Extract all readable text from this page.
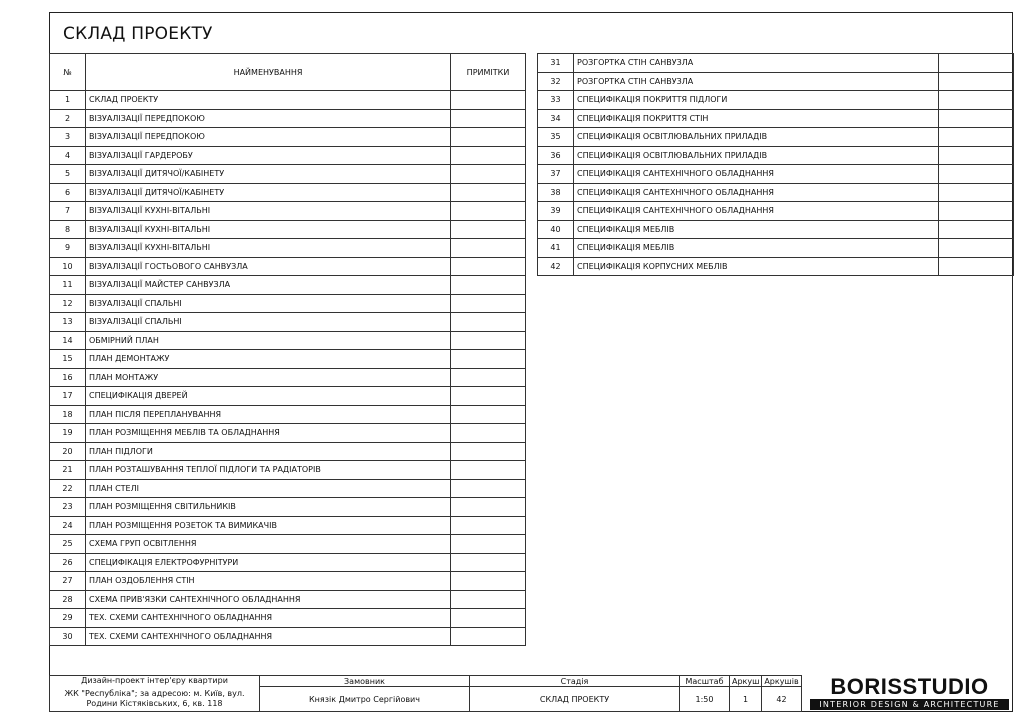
СКЛАД ПРОЕКТУ
№	НАЙМЕНУВАННЯ	ПРИМІТКИ
1	СКЛАД ПРОЕКТУ	
2	ВІЗУАЛІЗАЦІЇ ПЕРЕДПОКОЮ	
3	ВІЗУАЛІЗАЦІЇ ПЕРЕДПОКОЮ	
4	ВІЗУАЛІЗАЦІЇ ГАРДЕРОБУ	
5	ВІЗУАЛІЗАЦІЇ ДИТЯЧОЇ/КАБІНЕТУ	
6	ВІЗУАЛІЗАЦІЇ ДИТЯЧОЇ/КАБІНЕТУ	
7	ВІЗУАЛІЗАЦІЇ КУХНІ-ВІТАЛЬНІ	
8	ВІЗУАЛІЗАЦІЇ КУХНІ-ВІТАЛЬНІ	
9	ВІЗУАЛІЗАЦІЇ КУХНІ-ВІТАЛЬНІ	
10	ВІЗУАЛІЗАЦІЇ ГОСТЬОВОГО САНВУЗЛА	
11	ВІЗУАЛІЗАЦІЇ МАЙСТЕР САНВУЗЛА	
12	ВІЗУАЛІЗАЦІЇ СПАЛЬНІ	
13	ВІЗУАЛІЗАЦІЇ СПАЛЬНІ	
14	ОБМІРНИЙ ПЛАН	
15	ПЛАН ДЕМОНТАЖУ	
16	ПЛАН МОНТАЖУ	
17	СПЕЦИФІКАЦІЯ ДВЕРЕЙ	
18	ПЛАН ПІСЛЯ ПЕРЕПЛАНУВАННЯ	
19	ПЛАН РОЗМІЩЕННЯ МЕБЛІВ ТА ОБЛАДНАННЯ	
20	ПЛАН ПІДЛОГИ	
21	ПЛАН РОЗТАШУВАННЯ ТЕПЛОЇ ПІДЛОГИ ТА РАДІАТОРІВ	
22	ПЛАН СТЕЛІ	
23	ПЛАН РОЗМІЩЕННЯ СВІТИЛЬНИКІВ	
24	ПЛАН РОЗМІЩЕННЯ РОЗЕТОК ТА ВИМИКАЧІВ	
25	СХЕМА ГРУП ОСВІТЛЕННЯ	
26	СПЕЦИФІКАЦІЯ ЕЛЕКТРОФУРНІТУРИ	
27	ПЛАН ОЗДОБЛЕННЯ СТІН	
28	СХЕМА ПРИВ'ЯЗКИ САНТЕХНІЧНОГО ОБЛАДНАННЯ	
29	ТЕХ. СХЕМИ САНТЕХНІЧНОГО ОБЛАДНАННЯ	
30	ТЕХ. СХЕМИ САНТЕХНІЧНОГО ОБЛАДНАННЯ	
31	РОЗГОРТКА СТІН САНВУЗЛА	
32	РОЗГОРТКА СТІН САНВУЗЛА	
33	СПЕЦИФІКАЦІЯ ПОКРИТТЯ ПІДЛОГИ	
34	СПЕЦИФІКАЦІЯ ПОКРИТТЯ СТІН	
35	СПЕЦИФІКАЦІЯ ОСВІТЛЮВАЛЬНИХ ПРИЛАДІВ	
36	СПЕЦИФІКАЦІЯ ОСВІТЛЮВАЛЬНИХ ПРИЛАДІВ	
37	СПЕЦИФІКАЦІЯ САНТЕХНІЧНОГО ОБЛАДНАННЯ	
38	СПЕЦИФІКАЦІЯ САНТЕХНІЧНОГО ОБЛАДНАННЯ	
39	СПЕЦИФІКАЦІЯ САНТЕХНІЧНОГО ОБЛАДНАННЯ	
40	СПЕЦИФІКАЦІЯ МЕБЛІВ	
41	СПЕЦИФІКАЦІЯ МЕБЛІВ	
42	СПЕЦИФІКАЦІЯ КОРПУСНИХ МЕБЛІВ	
Дизайн-проект інтер'єру квартири	Замовник	Стадія	Масштаб	Аркуш	Аркушів	

ЖК "Республіка"; за адресою: м. Київ, вул.
Родини Кістяківських, 6, кв. 118	Князік Дмитро Сергійович	СКЛАД ПРОЕКТУ	1:50	1	42		BORISSTUDIO
INTERIOR DESIGN & ARCHITECTURE
